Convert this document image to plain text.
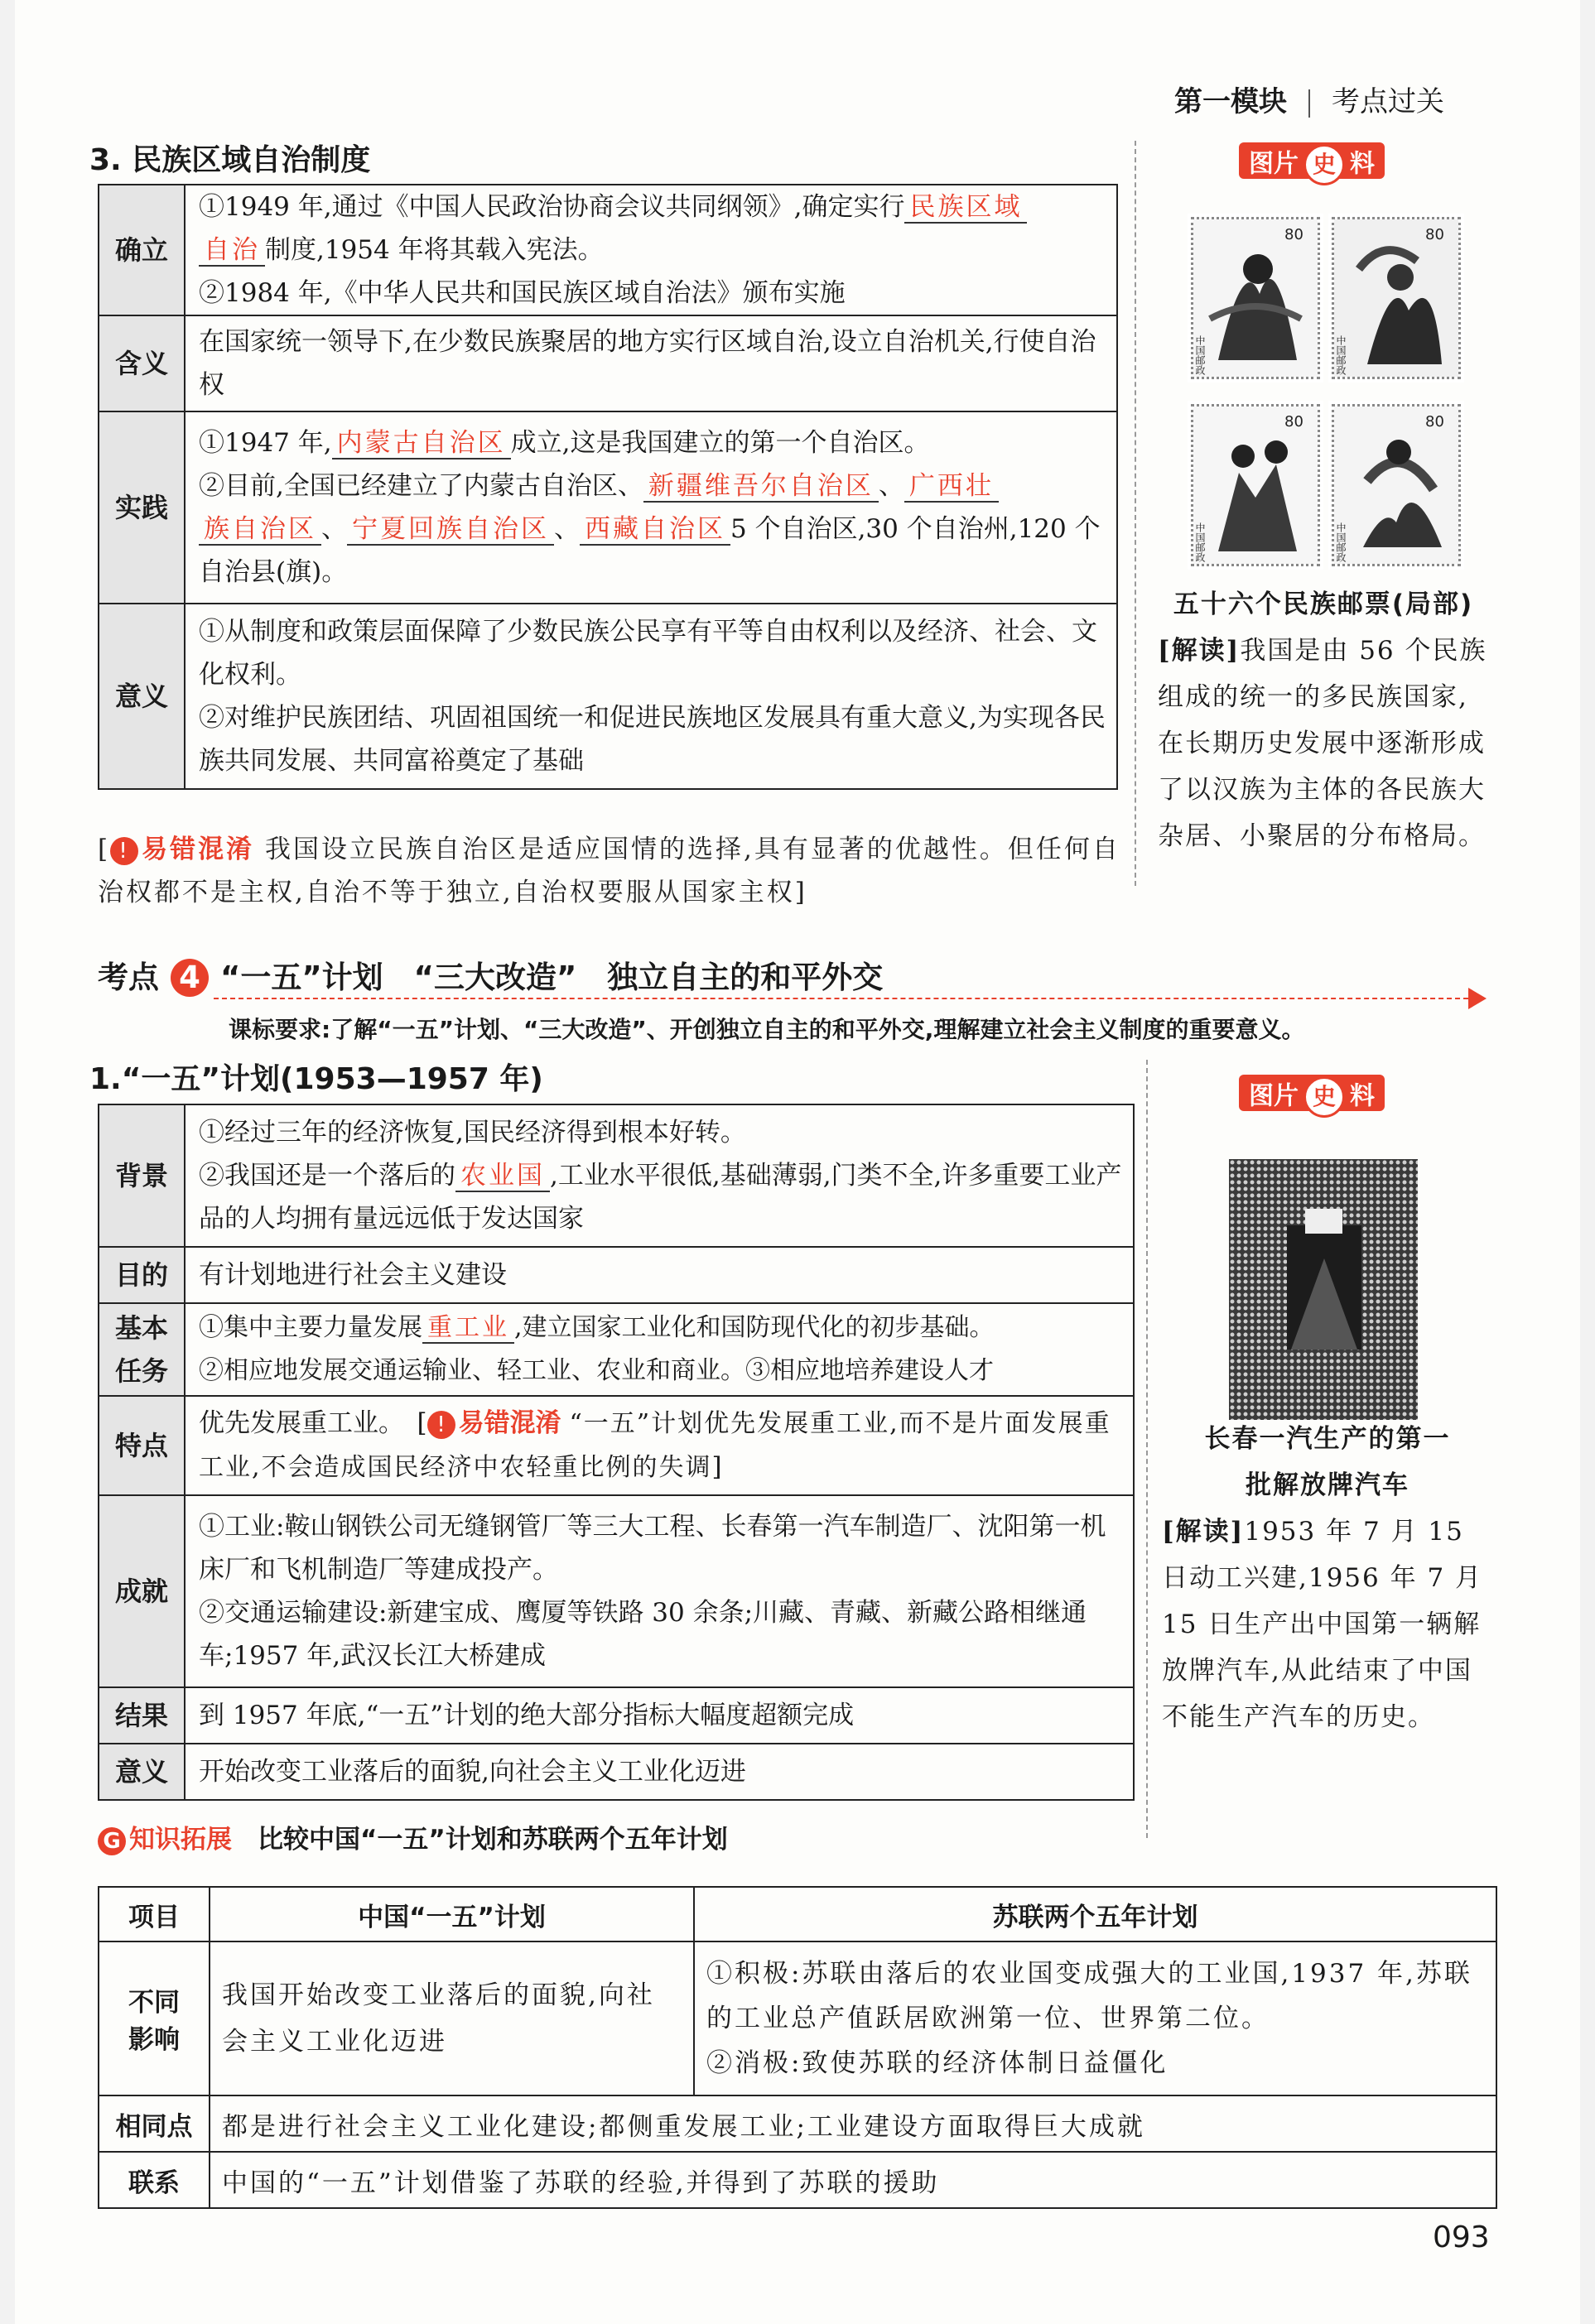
第一模块 考点过关
3. 民族区域自治制度
确立	①1949 年,通过《中国人民政治协商会议共同纲领》,确定实行 民族区域
自治 制度,1954 年将其载入宪法。
②1984 年,《中华人民共和国民族区域自治法》颁布实施
含义	在国家统一领导下,在少数民族聚居的地方实行区域自治,设立自治机关,行使自治权
实践	①1947 年, 内蒙古自治区 成立,这是我国建立的第一个自治区。
②目前,全国已经建立了内蒙古自治区、 新疆维吾尔自治区 、 广西壮
族自治区 、 宁夏回族自治区 、 西藏自治区 5 个自治区,30 个自治州,120 个自治县(旗)。
意义	①从制度和政策层面保障了少数民族公民享有平等自由权利以及经济、社会、文化权利。
②对维护民族团结、巩固祖国统一和促进民族地区发展具有重大意义,为实现各民族共同发展、共同富裕奠定了基础
[ ! 易错混淆 我国设立民族自治区是适应国情的选择,具有显著的优越性。但任何自治权都不是主权,自治不等于独立,自治权要服从国家主权]
图片 史 料
80
中国邮政
80
中国邮政
80
中国邮政
80
中国邮政
五十六个民族邮票(局部)
[解读]我国是由 56 个民族组成的统一的多民族国家,在长期历史发展中逐渐形成了以汉族为主体的各民族大杂居、小聚居的分布格局。
考点 4 “一五”计划　“三大改造”　独立自主的和平外交
课标要求:了解“一五”计划、“三大改造”、开创独立自主的和平外交,理解建立社会主义制度的重要意义。
1.“一五”计划(1953—1957 年)
背景	①经过三年的经济恢复,国民经济得到根本好转。
②我国还是一个落后的 农业国 ,工业水平很低,基础薄弱,门类不全,许多重要工业产品的人均拥有量远远低于发达国家
目的	有计划地进行社会主义建设
基本
任务	①集中主要力量发展 重工业 ,建立国家工业化和国防现代化的初步基础。
②相应地发展交通运输业、轻工业、农业和商业。③相应地培养建设人才
特点	优先发展重工业。　[ ! 易错混淆 “一五”计划优先发展重工业,而不是片面发展重工业,不会造成国民经济中农轻重比例的失调]
成就	①工业:鞍山钢铁公司无缝钢管厂等三大工程、长春第一汽车制造厂、沈阳第一机床厂和飞机制造厂等建成投产。
②交通运输建设:新建宝成、鹰厦等铁路 30 余条;川藏、青藏、新藏公路相继通车;1957 年,武汉长江大桥建成
结果	到 1957 年底,“一五”计划的绝大部分指标大幅度超额完成
意义	开始改变工业落后的面貌,向社会主义工业化迈进
图片 史 料
长春一汽生产的第一
批解放牌汽车
[解读]1953 年 7 月 15 日动工兴建,1956 年 7 月 15 日生产出中国第一辆解放牌汽车,从此结束了中国不能生产汽车的历史。
G 知识拓展　 比较中国“一五”计划和苏联两个五年计划
项目	中国“一五”计划	苏联两个五年计划
不同
影响	我国开始改变工业落后的面貌,向社会主义工业化迈进	①积极:苏联由落后的农业国变成强大的工业国,1937 年,苏联的工业总产值跃居欧洲第一位、世界第二位。
②消极:致使苏联的经济体制日益僵化
相同点	都是进行社会主义工业化建设;都侧重发展工业;工业建设方面取得巨大成就	
联系	中国的“一五”计划借鉴了苏联的经验,并得到了苏联的援助	
093
